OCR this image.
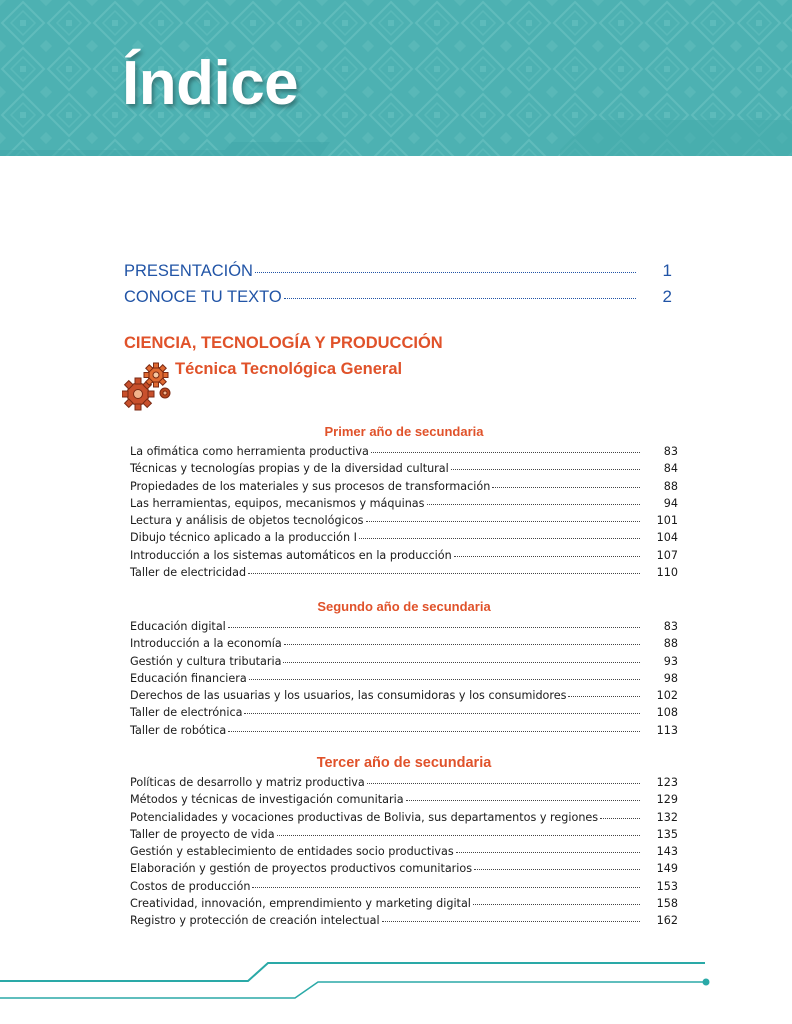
Índice
PRESENTACIÓN	1
CONOCE TU TEXTO	2
CIENCIA, TECNOLOGÍA Y PRODUCCIÓN
Técnica Tecnológica General
Primer año de secundaria
La ofimática como herramienta productiva	83
Técnicas y tecnologías propias y de la diversidad cultural	84
Propiedades de los materiales y sus procesos de transformación	88
Las herramientas, equipos, mecanismos y máquinas	94
Lectura y análisis de objetos tecnológicos	101
Dibujo técnico aplicado a la producción I	104
Introducción a los sistemas automáticos en la producción	107
Taller de electricidad	110
Segundo año de secundaria
Educación digital	83
Introducción a la economía	88
Gestión y cultura tributaria	93
Educación financiera	98
Derechos de las usuarias y los usuarios, las consumidoras y los consumidores	102
Taller de electrónica	108
Taller de robótica	113
Tercer año de secundaria
Políticas de desarrollo y matriz productiva	123
Métodos y técnicas de investigación comunitaria	129
Potencialidades y vocaciones productivas de Bolivia, sus departamentos y regiones	132
Taller de proyecto de vida	135
Gestión y establecimiento de entidades socio productivas	143
Elaboración y gestión de proyectos productivos comunitarios	149
Costos de producción	153
Creatividad, innovación, emprendimiento y marketing digital	158
Registro y protección de creación intelectual	162
